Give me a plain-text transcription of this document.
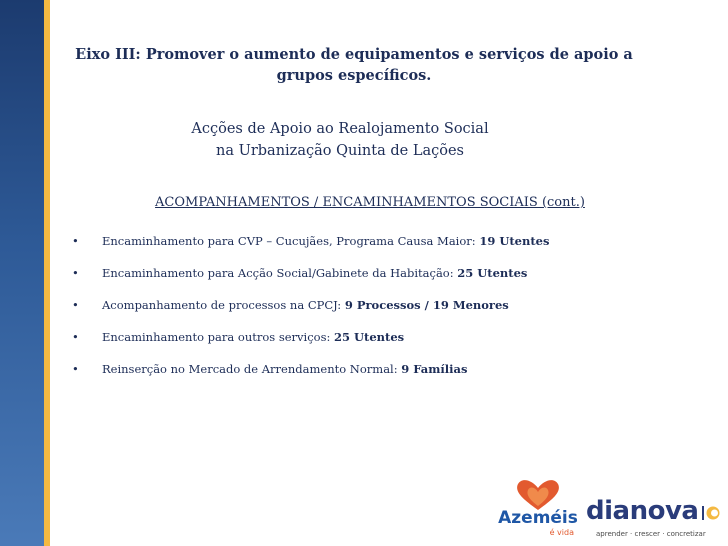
Eixo III: Promover o aumento de equipamentos e serviços de apoio a grupos específicos.
Acções de Apoio ao Realojamento Social
na Urbanização Quinta de Lações
ACOMPANHAMENTOS / ENCAMINHAMENTOS SOCIAIS (cont.)
• Encaminhamento para CVP – Cucujães, Programa Causa Maior: 19 Utentes
• Encaminhamento para Acção Social/Gabinete da Habitação: 25 Utentes
• Acompanhamento de processos na CPCJ: 9 Processos / 19 Menores
• Encaminhamento para outros serviços: 25 Utentes
• Reinserção no Mercado de Arrendamento Normal: 9 Famílias
Azeméis
é vida
dianova
aprender · crescer · concretizar
